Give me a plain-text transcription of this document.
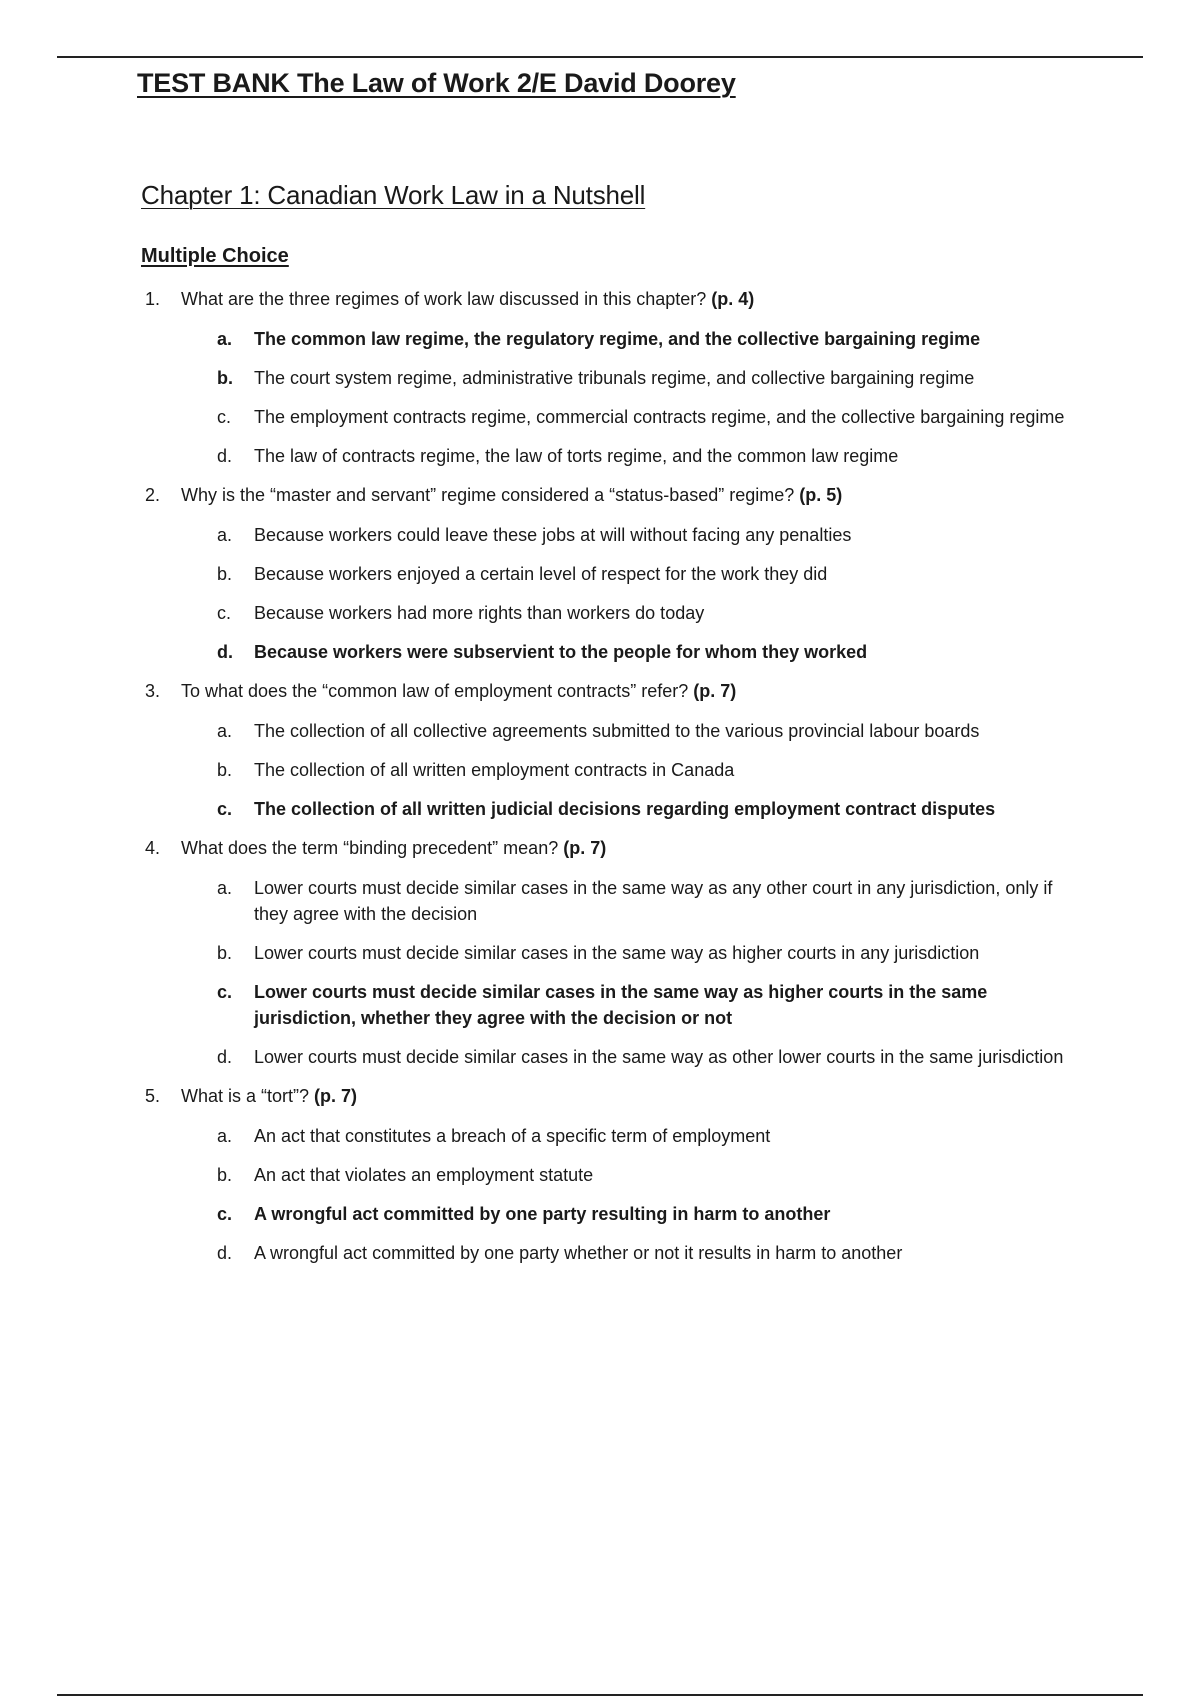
TEST BANK The Law of Work 2/E David Doorey
Chapter 1: Canadian Work Law in a Nutshell
Multiple Choice
1. What are the three regimes of work law discussed in this chapter? (p. 4)
a. The common law regime, the regulatory regime, and the collective bargaining regime
b. The court system regime, administrative tribunals regime, and collective bargaining regime
c. The employment contracts regime, commercial contracts regime, and the collective bargaining regime
d. The law of contracts regime, the law of torts regime, and the common law regime
2. Why is the “master and servant” regime considered a “status-based” regime? (p. 5)
a. Because workers could leave these jobs at will without facing any penalties
b. Because workers enjoyed a certain level of respect for the work they did
c. Because workers had more rights than workers do today
d. Because workers were subservient to the people for whom they worked
3. To what does the “common law of employment contracts” refer? (p. 7)
a. The collection of all collective agreements submitted to the various provincial labour boards
b. The collection of all written employment contracts in Canada
c. The collection of all written judicial decisions regarding employment contract disputes
4. What does the term “binding precedent” mean? (p. 7)
a. Lower courts must decide similar cases in the same way as any other court in any jurisdiction, only if they agree with the decision
b. Lower courts must decide similar cases in the same way as higher courts in any jurisdiction
c. Lower courts must decide similar cases in the same way as higher courts in the same jurisdiction, whether they agree with the decision or not
d. Lower courts must decide similar cases in the same way as other lower courts in the same jurisdiction
5. What is a “tort”? (p. 7)
a. An act that constitutes a breach of a specific term of employment
b. An act that violates an employment statute
c. A wrongful act committed by one party resulting in harm to another
d. A wrongful act committed by one party whether or not it results in harm to another
